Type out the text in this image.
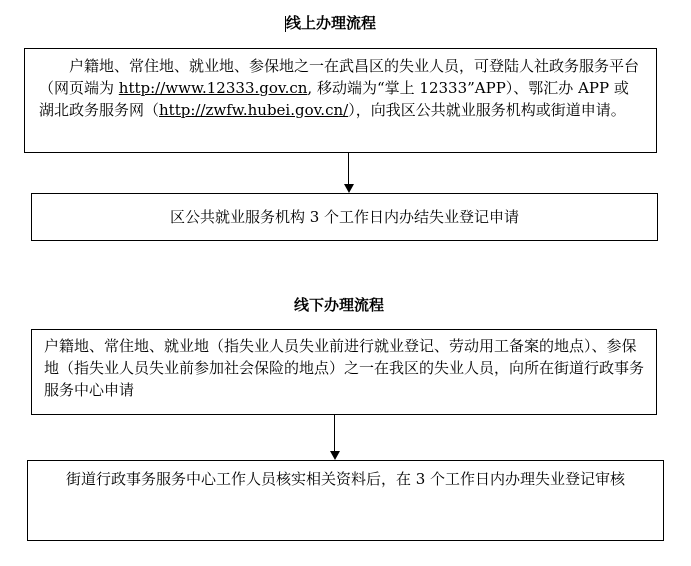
线上办理流程
户籍地、常住地、就业地、参保地之一在武昌区的失业人员，可登陆人社政务服务平台（网页端为 http://www.12333.gov.cn, 移动端为“掌上 12333”APP）、鄂汇办 APP 或湖北政务服务网（http://zwfw.hubei.gov.cn/），向我区公共就业服务机构或街道申请。
区公共就业服务机构 3 个工作日内办结失业登记申请
线下办理流程
户籍地、常住地、就业地（指失业人员失业前进行就业登记、劳动用工备案的地点）、参保地（指失业人员失业前参加社会保险的地点）之一在我区的失业人员，向所在街道行政事务服务中心申请
街道行政事务服务中心工作人员核实相关资料后，在 3 个工作日内办理失业登记审核
